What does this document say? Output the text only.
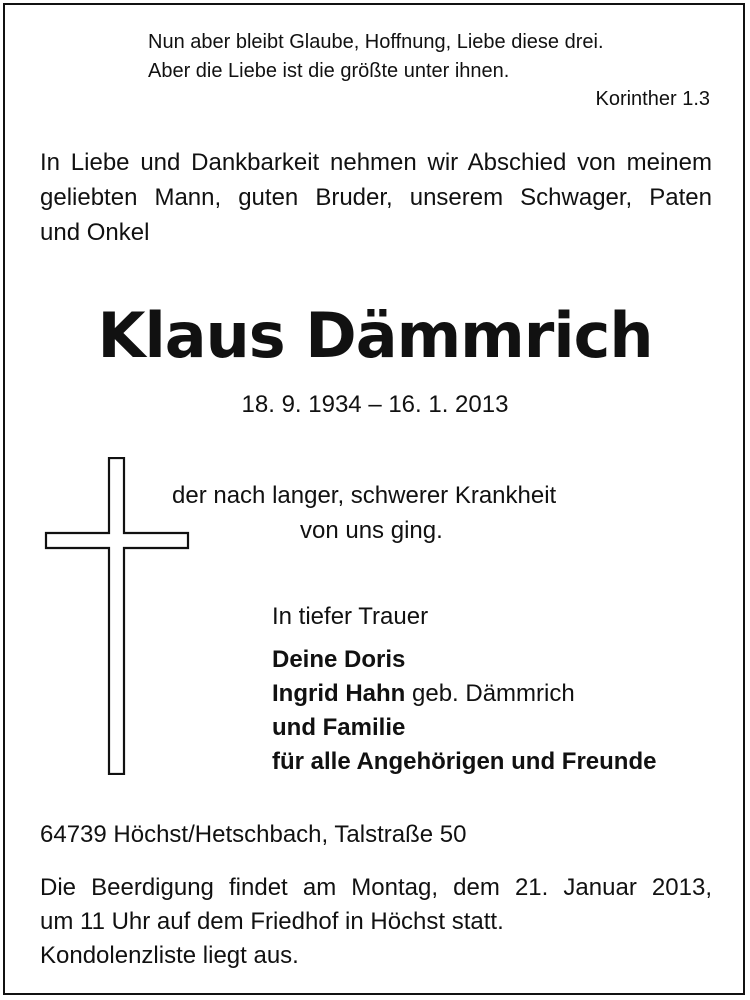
Nun aber bleibt Glaube, Hoffnung, Liebe diese drei.
Aber die Liebe ist die größte unter ihnen.
Korinther 1.3
In Liebe und Dankbarkeit nehmen wir Abschied von meinem
geliebten Mann, guten Bruder, unserem Schwager, Paten
und Onkel
Klaus Dämmrich
18. 9. 1934 – 16. 1. 2013
der nach langer, schwerer Krankheit
von uns ging.
In tiefer Trauer
Deine Doris
Ingrid Hahn geb. Dämmrich
und Familie
für alle Angehörigen und Freunde
64739 Höchst/Hetschbach, Talstraße 50
Die Beerdigung findet am Montag, dem 21. Januar 2013,
um 11 Uhr auf dem Friedhof in Höchst statt.
Kondolenzliste liegt aus.
